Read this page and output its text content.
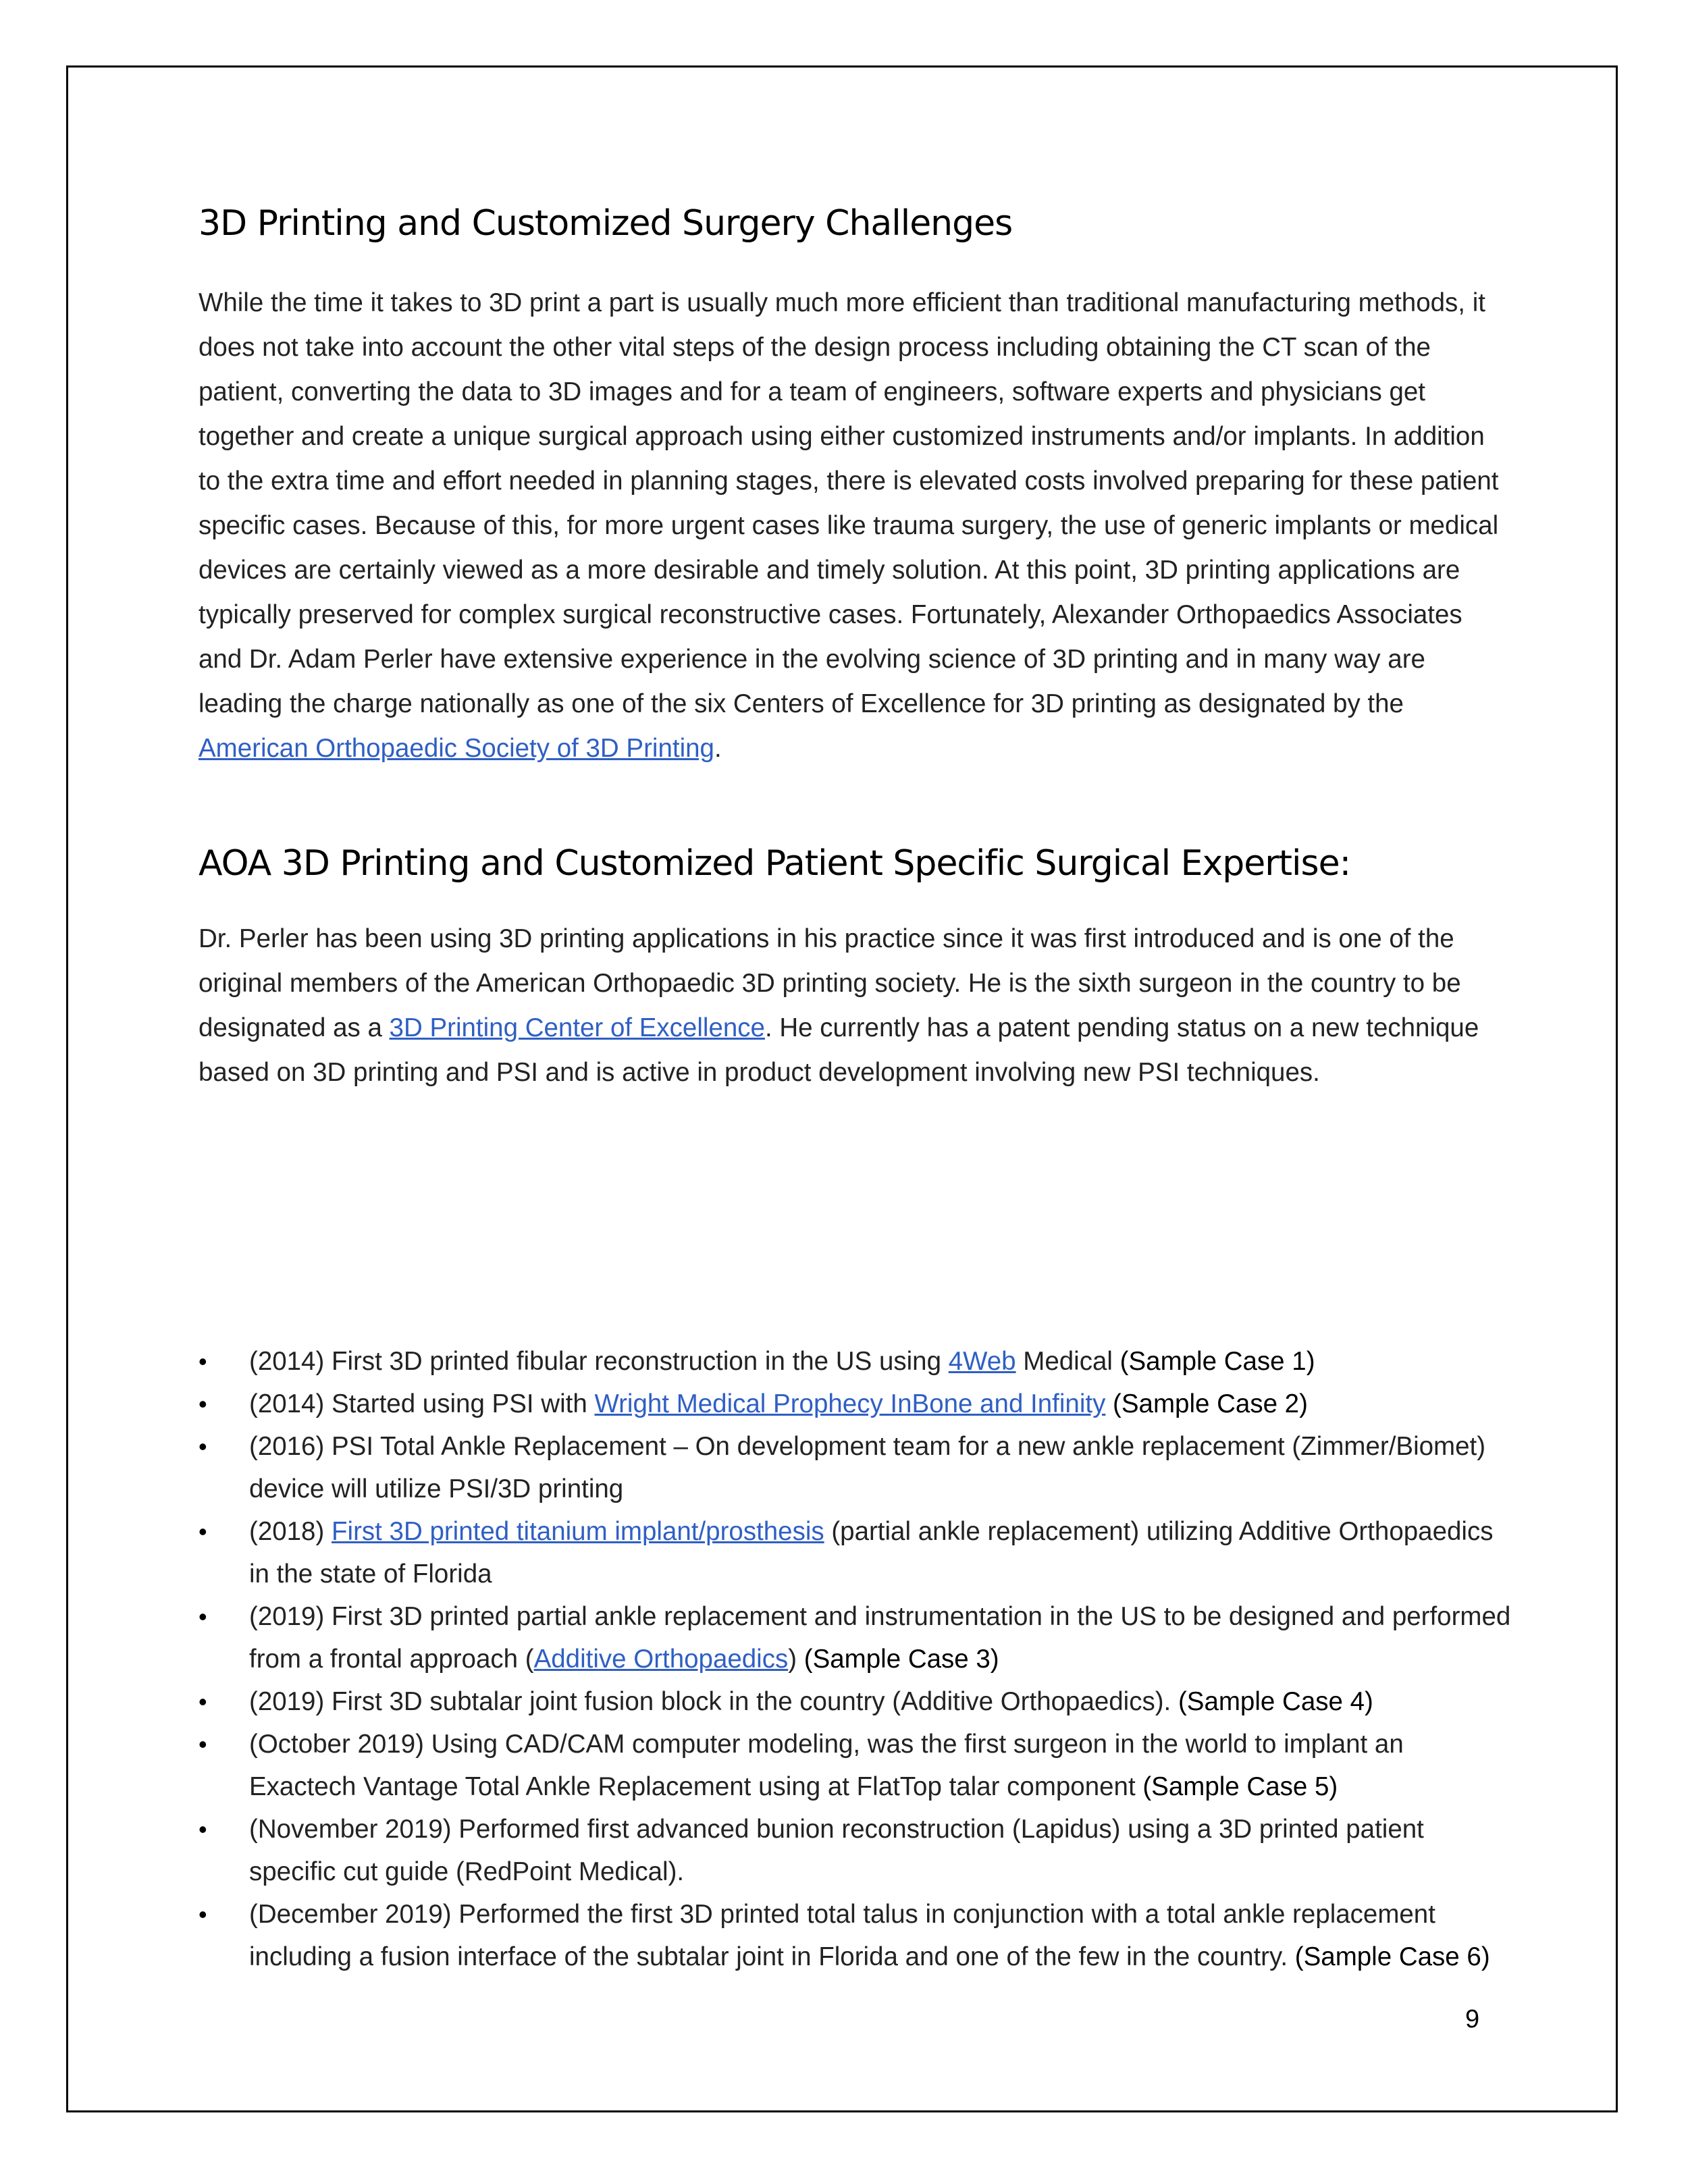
3D Printing and Customized Surgery Challenges

While the time it takes to 3D print a part is usually much more efficient than traditional manufacturing methods, it does not take into account the other vital steps of the design process including obtaining the CT scan of the patient, converting the data to 3D images and for a team of engineers, software experts and physicians get together and create a unique surgical approach using either customized instruments and/or implants. In addition to the extra time and effort needed in planning stages, there is elevated costs involved preparing for these patient specific cases. Because of this, for more urgent cases like trauma surgery, the use of generic implants or medical devices are certainly viewed as a more desirable and timely solution. At this point, 3D printing applications are typically preserved for complex surgical reconstructive cases. Fortunately, Alexander Orthopaedics Associates and Dr. Adam Perler have extensive experience in the evolving science of 3D printing and in many way are leading the charge nationally as one of the six Centers of Excellence for 3D printing as designated by the American Orthopaedic Society of 3D Printing.

AOA 3D Printing and Customized Patient Specific Surgical Expertise:

Dr. Perler has been using 3D printing applications in his practice since it was first introduced and is one of the original members of the American Orthopaedic 3D printing society. He is the sixth surgeon in the country to be designated as a 3D Printing Center of Excellence. He currently has a patent pending status on a new technique based on 3D printing and PSI and is active in product development involving new PSI techniques.

• (2014) First 3D printed fibular reconstruction in the US using 4Web Medical (Sample Case 1)
• (2014) Started using PSI with Wright Medical Prophecy InBone and Infinity (Sample Case 2)
• (2016) PSI Total Ankle Replacement – On development team for a new ankle replacement (Zimmer/Biomet) device will utilize PSI/3D printing
• (2018) First 3D printed titanium implant/prosthesis (partial ankle replacement) utilizing Additive Orthopaedics in the state of Florida
• (2019) First 3D printed partial ankle replacement and instrumentation in the US to be designed and performed from a frontal approach (Additive Orthopaedics) (Sample Case 3)
• (2019) First 3D subtalar joint fusion block in the country (Additive Orthopaedics). (Sample Case 4)
• (October 2019) Using CAD/CAM computer modeling, was the first surgeon in the world to implant an Exactech Vantage Total Ankle Replacement using at FlatTop talar component (Sample Case 5)
• (November 2019) Performed first advanced bunion reconstruction (Lapidus) using a 3D printed patient specific cut guide (RedPoint Medical).
• (December 2019) Performed the first 3D printed total talus in conjunction with a total ankle replacement including a fusion interface of the subtalar joint in Florida and one of the few in the country. (Sample Case 6)
9
